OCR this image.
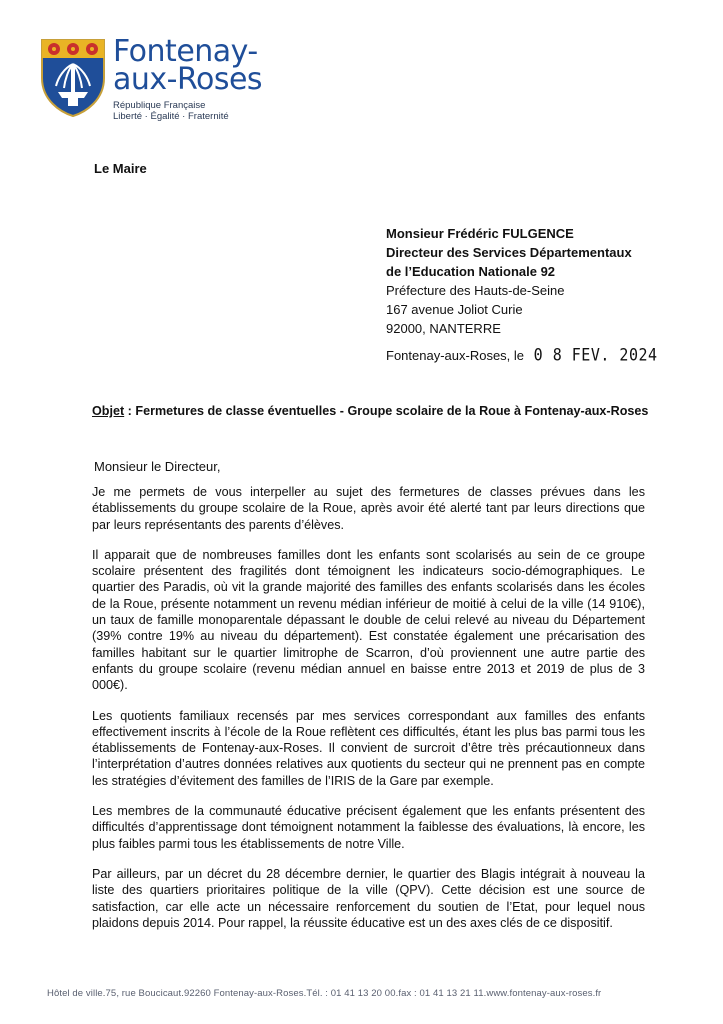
Fontenay-
aux-Roses
République Française
Liberté · Égalité · Fraternité
Le Maire
Monsieur Frédéric FULGENCE
Directeur des Services Départementaux
de l’Education Nationale 92
Préfecture des Hauts-de-Seine
167 avenue Joliot Curie
92000, NANTERRE
Fontenay-aux-Roses, le 0 8 FEV. 2024
Objet : Fermetures de classe éventuelles - Groupe scolaire de la Roue à Fontenay-aux-Roses
Monsieur le Directeur,

Je me permets de vous interpeller au sujet des fermetures de classes prévues dans les établissements du groupe scolaire de la Roue, après avoir été alerté tant par leurs directions que par leurs représentants des parents d’élèves.

Il apparait que de nombreuses familles dont les enfants sont scolarisés au sein de ce groupe scolaire présentent des fragilités dont témoignent les indicateurs socio-démographiques. Le quartier des Paradis, où vit la grande majorité des familles des enfants scolarisés dans les écoles de la Roue, présente notamment un revenu médian inférieur de moitié à celui de la ville (14 910€), un taux de famille monoparentale dépassant le double de celui relevé au niveau du Département (39% contre 19% au niveau du département). Est constatée également une précarisation des familles habitant sur le quartier limitrophe de Scarron, d’où proviennent une autre partie des enfants du groupe scolaire (revenu médian annuel en baisse entre 2013 et 2019 de plus de 3 000€).

Les quotients familiaux recensés par mes services correspondant aux familles des enfants effectivement inscrits à l’école de la Roue reflètent ces difficultés, étant les plus bas parmi tous les établissements de Fontenay-aux-Roses. Il convient de surcroit d’être très précautionneux dans l’interprétation d’autres données relatives aux quotients du secteur qui ne prennent pas en compte les stratégies d’évitement des familles de l’IRIS de la Gare par exemple.

Les membres de la communauté éducative précisent également que les enfants présentent des difficultés d’apprentissage dont témoignent notamment la faiblesse des évaluations, là encore, les plus faibles parmi tous les établissements de notre Ville.

Par ailleurs, par un décret du 28 décembre dernier, le quartier des Blagis intégrait à nouveau la liste des quartiers prioritaires politique de la ville (QPV). Cette décision est une source de satisfaction, car elle acte un nécessaire renforcement du soutien de l’Etat, pour lequel nous plaidons depuis 2014. Pour rappel, la réussite éducative est un des axes clés de ce dispositif.

Hôtel de ville.75, rue Boucicaut.92260 Fontenay-aux-Roses.Tél. : 01 41 13 20 00.fax : 01 41 13 21 11.www.fontenay-aux-roses.fr
